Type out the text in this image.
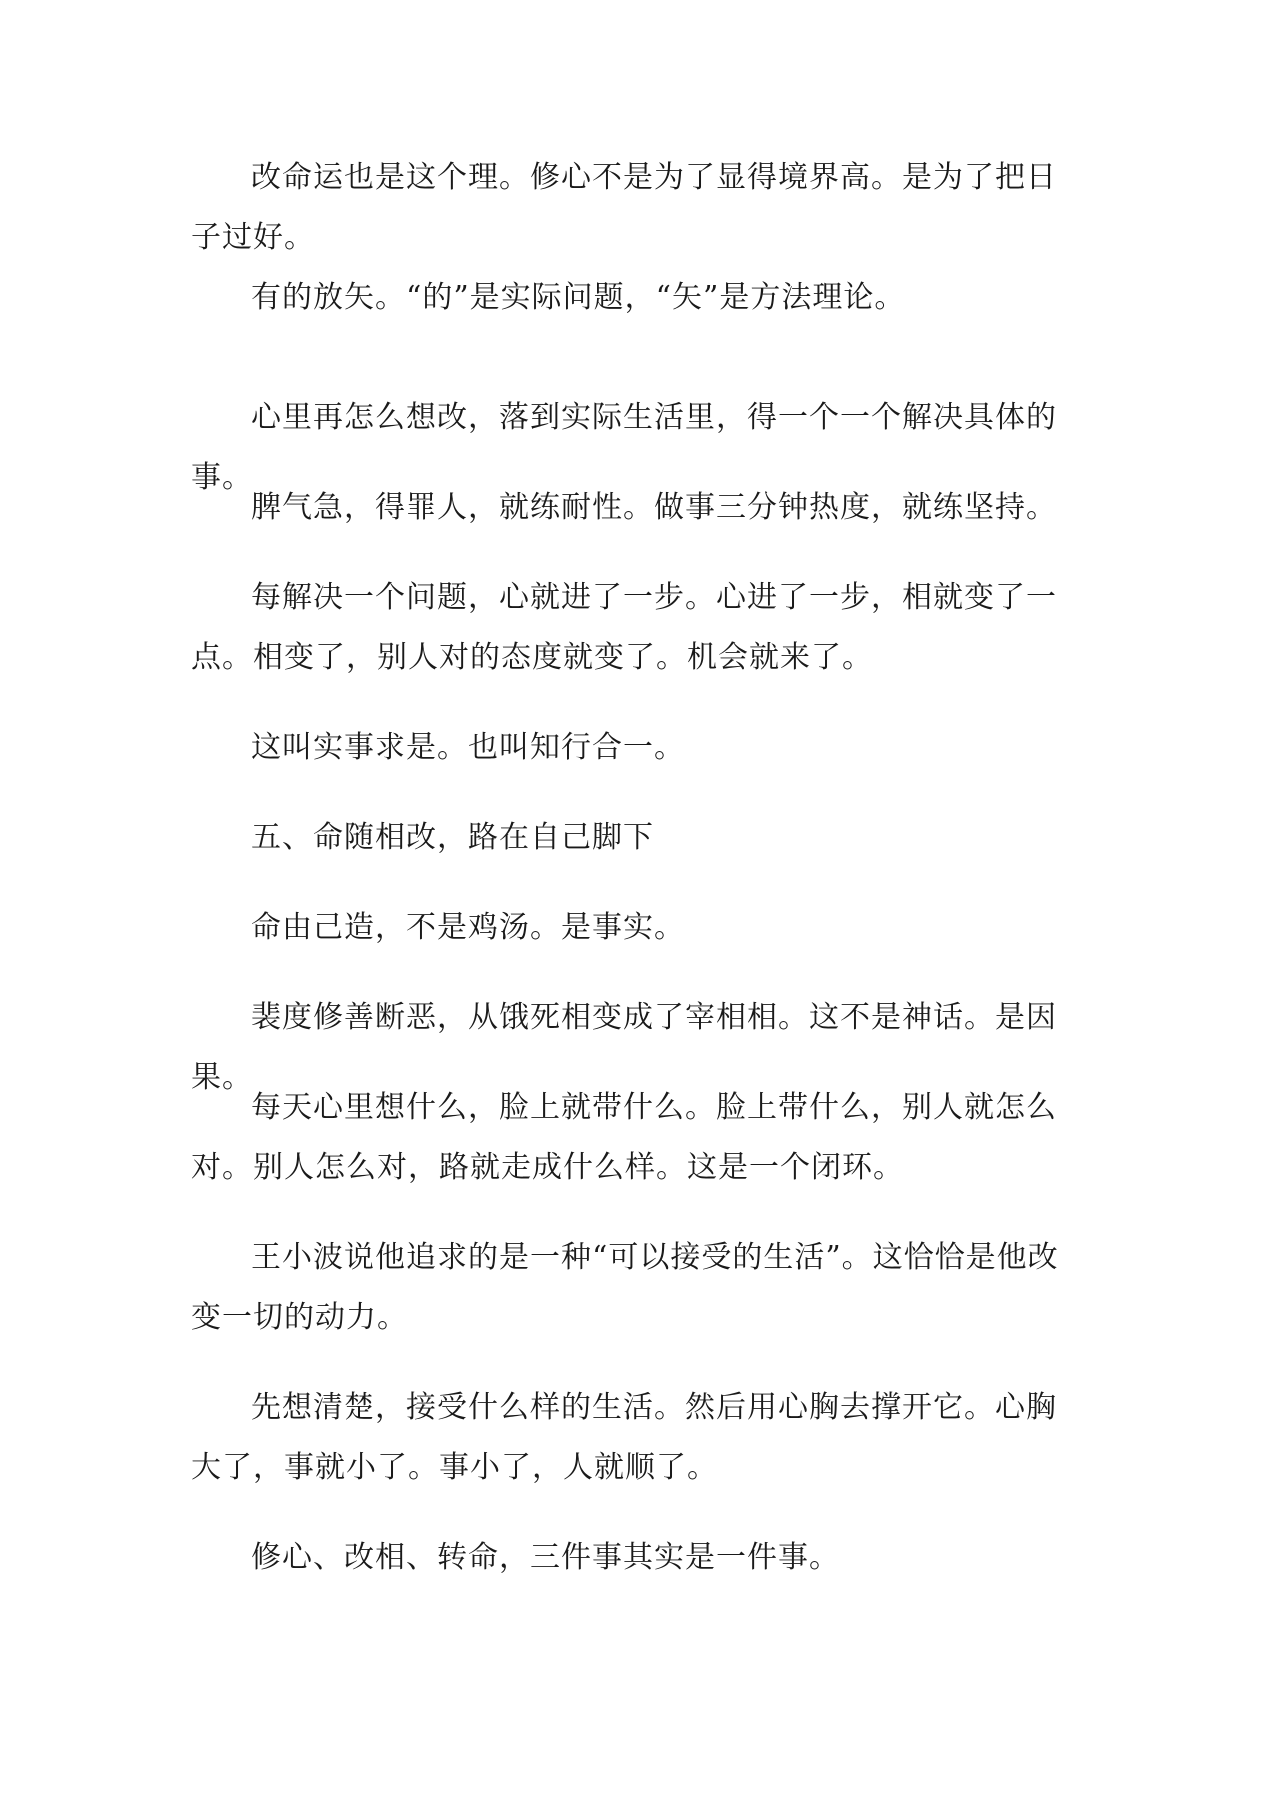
改命运也是这个理。修心不是为了显得境界高。是为了把日子过好。

有的放矢。“的”是实际问题，“矢”是方法理论。

心里再怎么想改，落到实际生活里，得一个一个解决具体的事。

脾气急，得罪人，就练耐性。做事三分钟热度，就练坚持。

每解决一个问题，心就进了一步。心进了一步，相就变了一点。相变了，别人对的态度就变了。机会就来了。

这叫实事求是。也叫知行合一。

五、命随相改，路在自己脚下

命由己造，不是鸡汤。是事实。

裴度修善断恶，从饿死相变成了宰相相。这不是神话。是因果。

每天心里想什么，脸上就带什么。脸上带什么，别人就怎么对。别人怎么对，路就走成什么样。这是一个闭环。

王小波说他追求的是一种“可以接受的生活”。这恰恰是他改变一切的动力。

先想清楚，接受什么样的生活。然后用心胸去撑开它。心胸大了，事就小了。事小了，人就顺了。

修心、改相、转命，三件事其实是一件事。
